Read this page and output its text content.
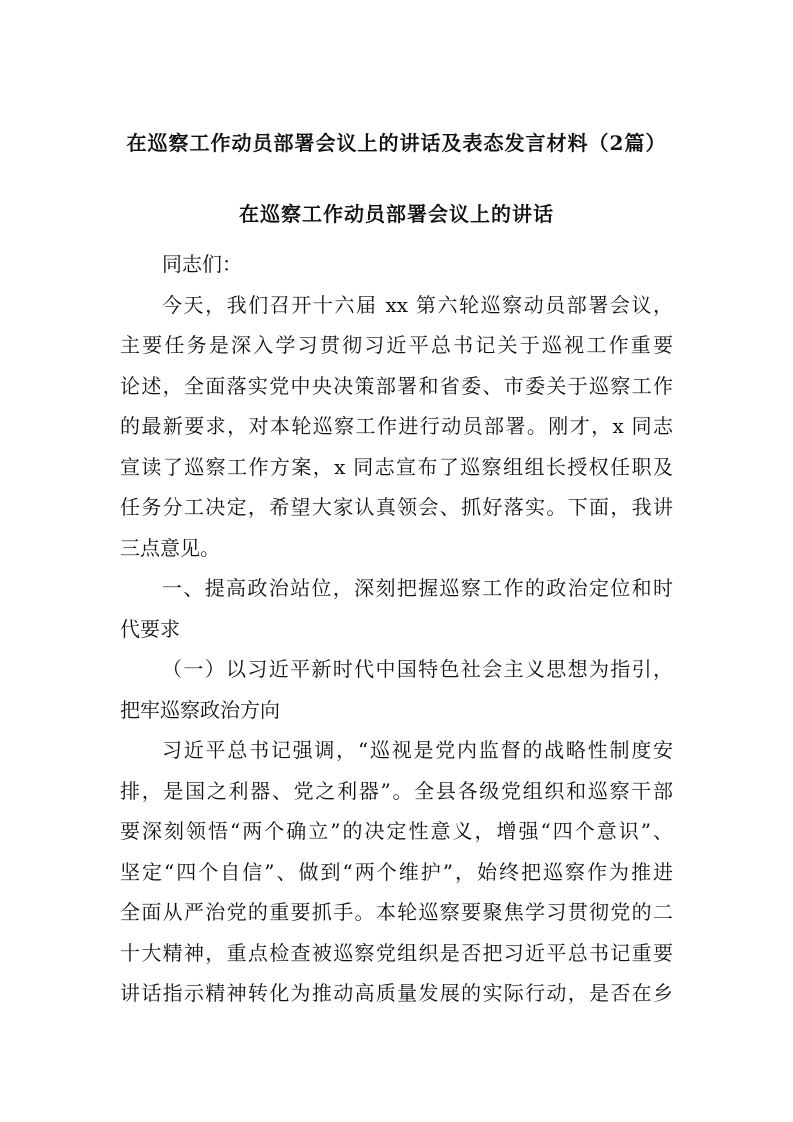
在巡察工作动员部署会议上的讲话及表态发言材料（2篇）
在巡察工作动员部署会议上的讲话
同志们：
今天，我们召开十六届 xx 第六轮巡察动员部署会议，
主要任务是深入学习贯彻习近平总书记关于巡视工作重要
论述，全面落实党中央决策部署和省委、市委关于巡察工作
的最新要求，对本轮巡察工作进行动员部署。刚才，x 同志
宣读了巡察工作方案，x 同志宣布了巡察组组长授权任职及
任务分工决定，希望大家认真领会、抓好落实。下面，我讲
三点意见。
一、提高政治站位，深刻把握巡察工作的政治定位和时
代要求
（一）以习近平新时代中国特色社会主义思想为指引，
把牢巡察政治方向
习近平总书记强调，“巡视是党内监督的战略性制度安
排，是国之利器、党之利器”。全县各级党组织和巡察干部
要深刻领悟“两个确立”的决定性意义，增强“四个意识”、
坚定“四个自信”、做到“两个维护”，始终把巡察作为推进
全面从严治党的重要抓手。本轮巡察要聚焦学习贯彻党的二
十大精神，重点检查被巡察党组织是否把习近平总书记重要
讲话指示精神转化为推动高质量发展的实际行动，是否在乡
